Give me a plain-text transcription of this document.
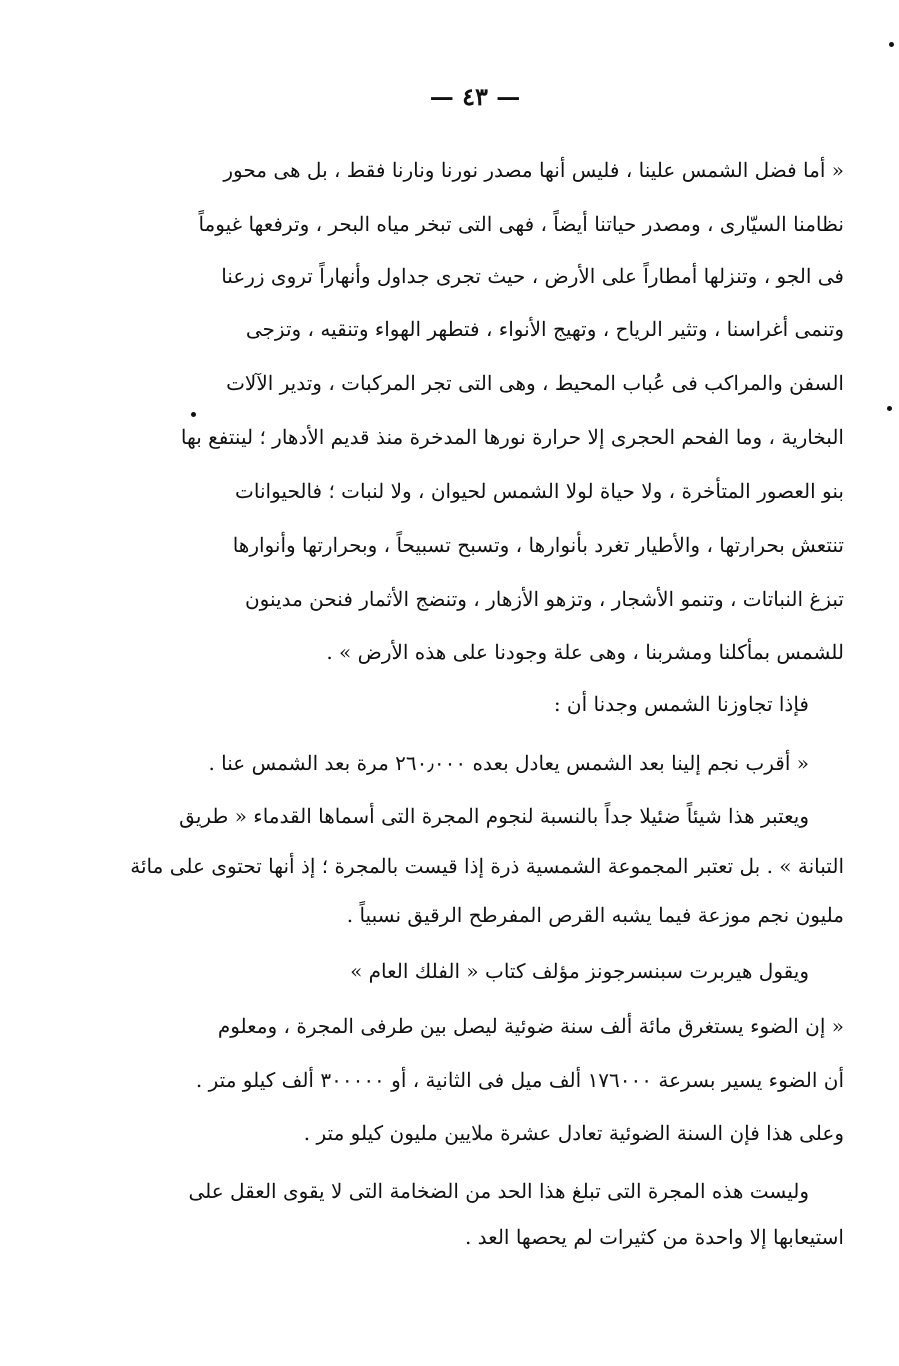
— ٤٣ —
« أما فضل الشمس علينا ، فليس أنها مصدر نورنا ونارنا فقط ، بل هى محور
نظامنا السيّارى ، ومصدر حياتنا أيضاً ، فهى التى تبخر مياه البحر ، وترفعها غيوماً
فى الجو ، وتنزلها أمطاراً على الأرض ، حيث تجرى جداول وأنهاراً تروى زرعنا
وتنمى أغراسنا ، وتثير الرياح ، وتهيج الأنواء ، فتطهر الهواء وتنقيه ، وتزجى
السفن والمراكب فى عُباب المحيط ، وهى التى تجر المركبات ، وتدير الآلات
البخارية ، وما الفحم الحجرى إلا حرارة نورها المدخرة منذ قديم الأدهار ؛ لينتفع بها
بنو العصور المتأخرة ، ولا حياة لولا الشمس لحيوان ، ولا لنبات ؛ فالحيوانات
تنتعش بحرارتها ، والأطيار تغرد بأنوارها ، وتسبح تسبيحاً ، وبحرارتها وأنوارها
تبزغ النباتات ، وتنمو الأشجار ، وتزهو الأزهار ، وتنضج الأثمار فنحن مدينون
للشمس بمأكلنا ومشربنا ، وهى علة وجودنا على هذه الأرض » .
فإذا تجاوزنا الشمس وجدنا أن :
« أقرب نجم إلينا بعد الشمس يعادل بعده ٢٦٠٫٠٠٠ مرة بعد الشمس عنا .
ويعتبر هذا شيئاً ضئيلا جداً بالنسبة لنجوم المجرة التى أسماها القدماء « طريق
التبانة » . بل تعتبر المجموعة الشمسية ذرة إذا قيست بالمجرة ؛ إذ أنها تحتوى على مائة
مليون نجم موزعة فيما يشبه القرص المفرطح الرقيق نسبياً .
ويقول هيربرت سبنسرجونز مؤلف كتاب « الفلك العام »
« إن الضوء يستغرق مائة ألف سنة ضوئية ليصل بين طرفى المجرة ، ومعلوم
أن الضوء يسير بسرعة ١٧٦٠٠٠ ألف ميل فى الثانية ، أو ٣٠٠٠٠٠ ألف كيلو متر .
وعلى هذا فإن السنة الضوئية تعادل عشرة ملايين مليون كيلو متر .
وليست هذه المجرة التى تبلغ هذا الحد من الضخامة التى لا يقوى العقل على
استيعابها إلا واحدة من كثيرات لم يحصها العد .
